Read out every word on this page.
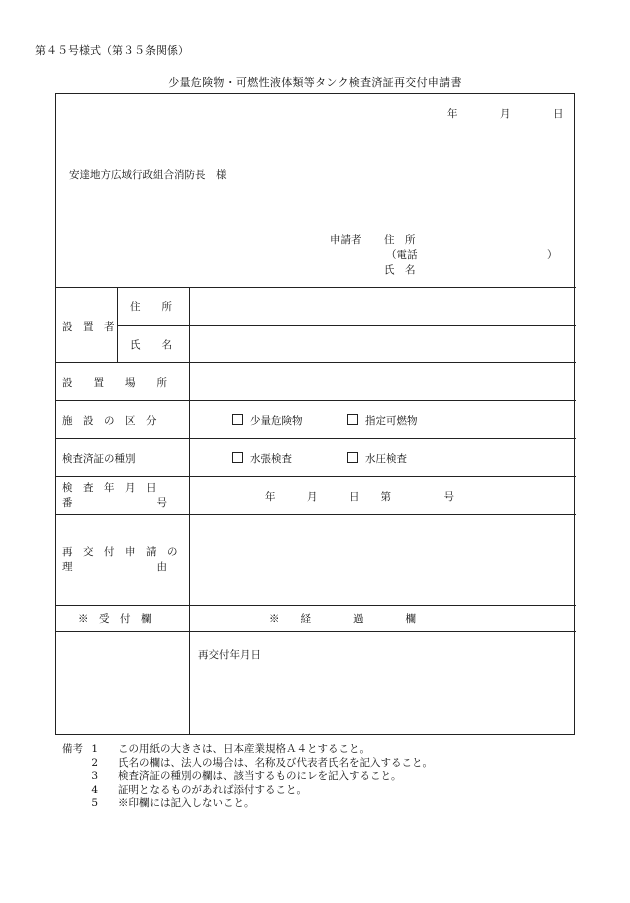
第４５号様式（第３５条関係）
少量危険物・可燃性液体類等タンク検査済証再交付申請書
年	月	日
安達地方広域行政組合消防長　様
申請者 住　所
（電話	）
氏　名
設　置　者
住　　所
氏　　名
設　　置　　場　　所
施　設　の　区　分	少量危険物	指定可燃物
検査済証の種別	水張検査	水圧検査
検　査　年　月　日
番　　　　　　　　号	年　　　月　　　日　　第　　　　　号
再　交　付　申　請　の
理　　　　　　　　由
※　受　付　欄	※　　経　　　　過　　　　欄
再交付年月日
備考 1	この用紙の大きさは、日本産業規格Ａ４とすること。
2	氏名の欄は、法人の場合は、名称及び代表者氏名を記入すること。
3	検査済証の種別の欄は、該当するものにレを記入すること。
4	証明となるものがあれば添付すること。
5	※印欄には記入しないこと。
